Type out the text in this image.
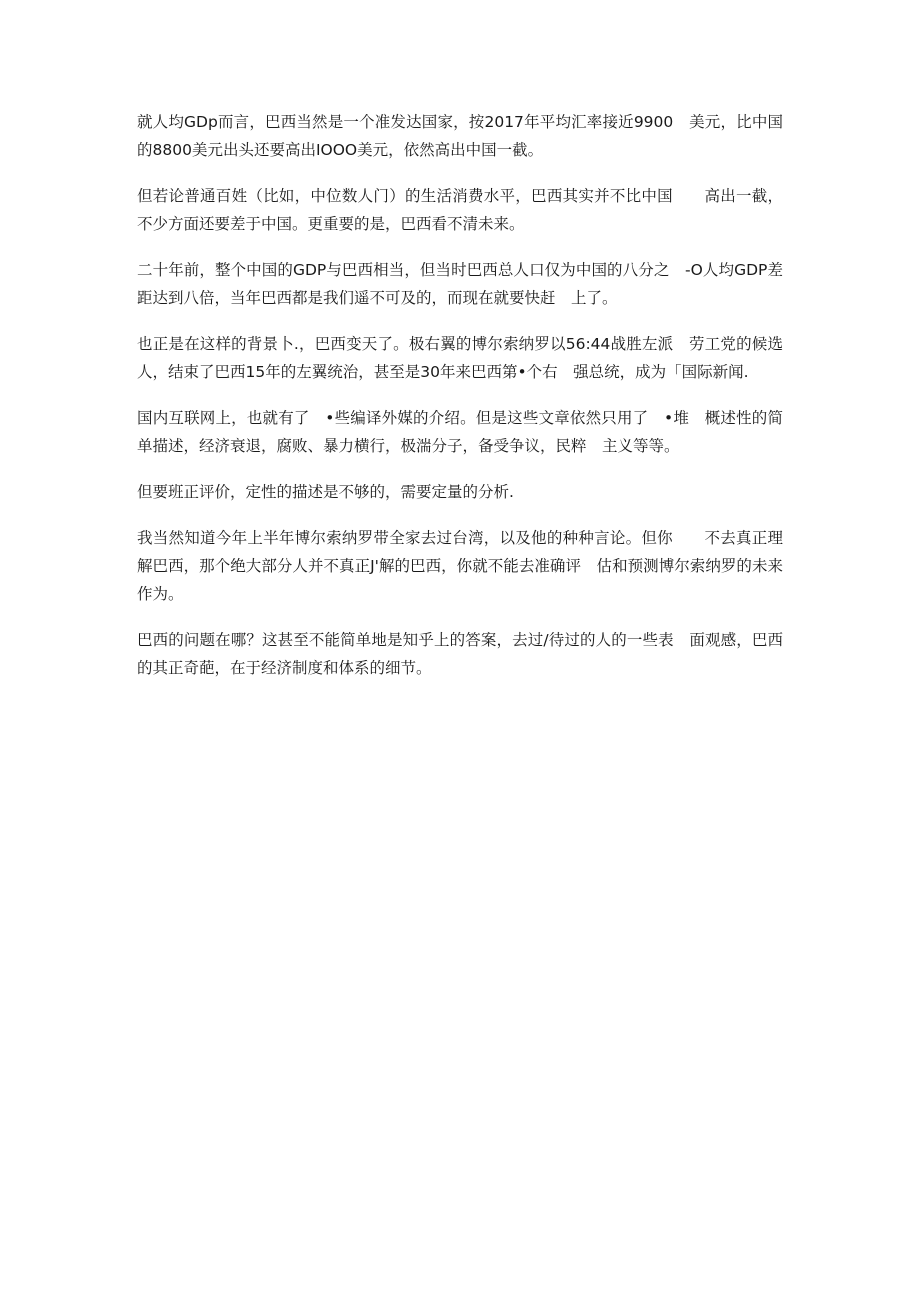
就人均GDp而言，巴西当然是一个准发达国家，按2017年平均汇率接近9900　美元，比中国的8800美元出头还要高出IOOO美元，依然高出中国一截。

但若论普通百姓（比如，中位数人门）的生活消费水平，巴西其实并不比中国　　高出一截，不少方面还要差于中国。更重要的是，巴西看不清未来。

二十年前，整个中国的GDP与巴西相当，但当时巴西总人口仅为中国的八分之　-O人均GDP差距达到八倍，当年巴西都是我们遥不可及的，而现在就要快赶　上了。

也正是在这样的背景卜.，巴西变天了。极右翼的博尔索纳罗以56:44战胜左派　劳工党的候选人，结束了巴西15年的左翼统治，甚至是30年来巴西第•个右　强总统，成为「国际新闻.

国内互联网上，也就有了　•些编译外媒的介绍。但是这些文章依然只用了　•堆　概述性的简单描述，经济衰退，腐败、暴力横行，极湍分子，备受争议，民粹　主义等等。

但要班正评价，定性的描述是不够的，需要定量的分析.

我当然知道今年上半年博尔索纳罗带全家去过台湾，以及他的种种言论。但你　　不去真正理解巴西，那个绝大部分人并不真正J'解的巴西，你就不能去准确评　估和预测博尔索纳罗的未来作为。

巴西的问题在哪？这甚至不能简单地是知乎上的答案，去过/待过的人的一些表　面观感，巴西的其正奇葩，在于经济制度和体系的细节。
